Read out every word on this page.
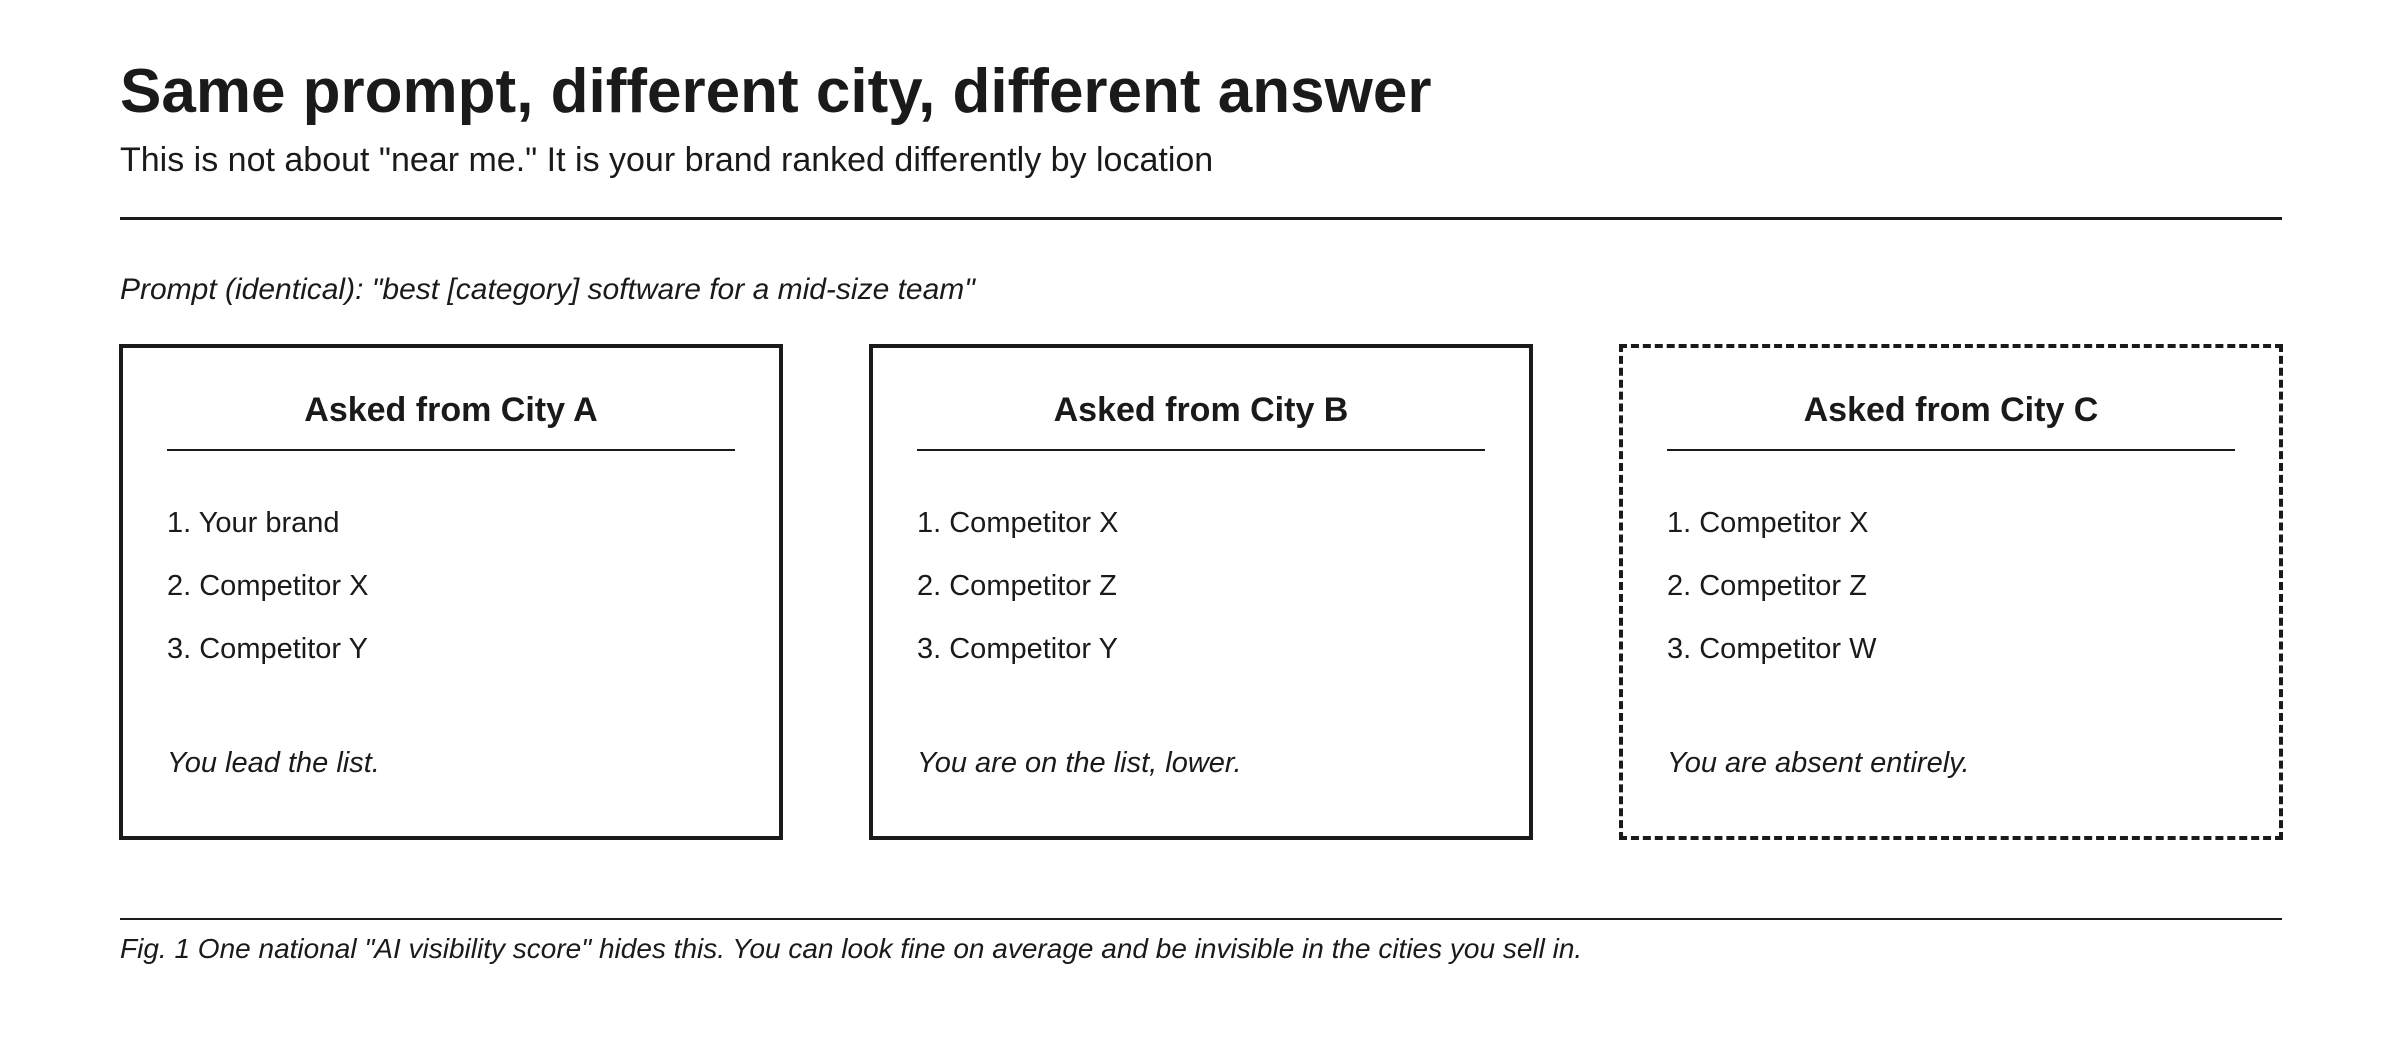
Same prompt, different city, different answer

This is not about "near me." It is your brand ranked differently by location

Prompt (identical): "best [category] software for a mid-size team"
Asked from City A
1. Your brand
2. Competitor X
3. Competitor Y
You lead the list.
Asked from City B
1. Competitor X
2. Competitor Z
3. Competitor Y
You are on the list, lower.
Asked from City C
1. Competitor X
2. Competitor Z
3. Competitor W
You are absent entirely.
Fig. 1 One national "AI visibility score" hides this. You can look fine on average and be invisible in the cities you sell in.
